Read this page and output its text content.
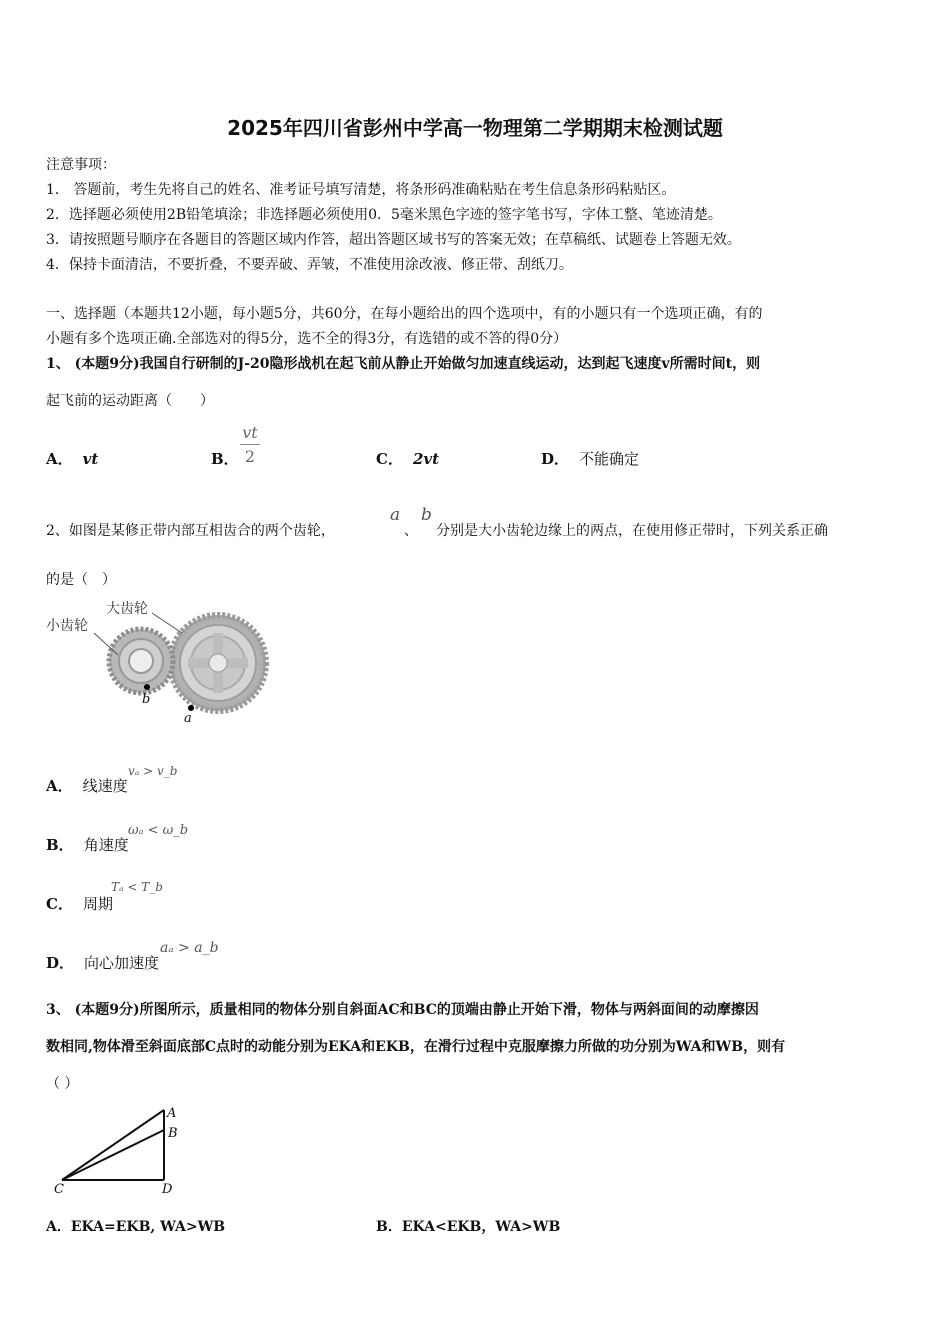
2025年四川省彭州中学高一物理第二学期期末检测试题
注意事项：
1． 答题前，考生先将自己的姓名、准考证号填写清楚，将条形码准确粘贴在考生信息条形码粘贴区。
2．选择题必须使用2B铅笔填涂；非选择题必须使用0．5毫米黑色字迹的签字笔书写，字体工整、笔迹清楚。
3．请按照题号顺序在各题目的答题区域内作答，超出答题区域书写的答案无效；在草稿纸、试题卷上答题无效。
4．保持卡面清洁，不要折叠，不要弄破、弄皱，不准使用涂改液、修正带、刮纸刀。
一、选择题（本题共12小题，每小题5分，共60分，在每小题给出的四个选项中，有的小题只有一个选项正确，有的
小题有多个选项正确.全部选对的得5分，选不全的得3分，有选错的或不答的得0分）
1、 (本题9分)我国自行研制的J-20隐形战机在起飞前从静止开始做匀加速直线运动，达到起飞速度v所需时间t，则
起飞前的运动距离（　　）
A． vt	B．
vt
2	C． 2vt	D． 不能确定
2、如图是某修正带内部互相齿合的两个齿轮，
a
、
b
分别是大小齿轮边缘上的两点，在使用修正带时，下列关系正确
的是（　）
大齿轮
小齿轮
b
a
A． 线速度
vₐ > v_b
B． 角速度
ωₐ < ω_b
C． 周期
Tₐ < T_b
D． 向心加速度
aₐ > a_b
3、 (本题9分)所图所示，质量相同的物体分别自斜面AC和BC的顶端由静止开始下滑，物体与两斜面间的动摩擦因
数相同,物体滑至斜面底部C点时的动能分别为EKA和EKB，在滑行过程中克服摩擦力所做的功分别为WA和WB，则有
（ ）
A
B
C	D
A．EKA=EKB, WA>WB	B．EKA<EKB，WA>WB
